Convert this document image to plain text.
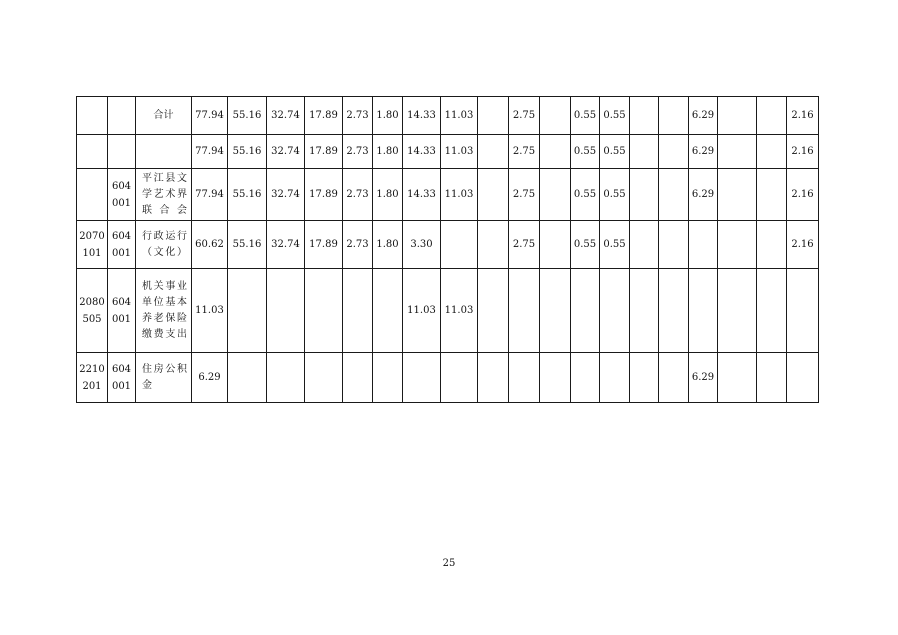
		合计	77.94	55.16	32.74	17.89	2.73	1.80	14.33	11.03		2.75		0.55	0.55			6.29			2.16
			77.94	55.16	32.74	17.89	2.73	1.80	14.33	11.03		2.75		0.55	0.55			6.29			2.16
	604 001	平江县文学艺术界联合会	77.94	55.16	32.74	17.89	2.73	1.80	14.33	11.03		2.75		0.55	0.55			6.29			2.16
2070 101	604 001	行政运行（文化）	60.62	55.16	32.74	17.89	2.73	1.80	3.30			2.75		0.55	0.55						2.16
2080 505	604 001	机关事业单位基本养老保险缴费支出	11.03						11.03	11.03											
2210 201	604 001	住房公积金	6.29															6.29			
25
